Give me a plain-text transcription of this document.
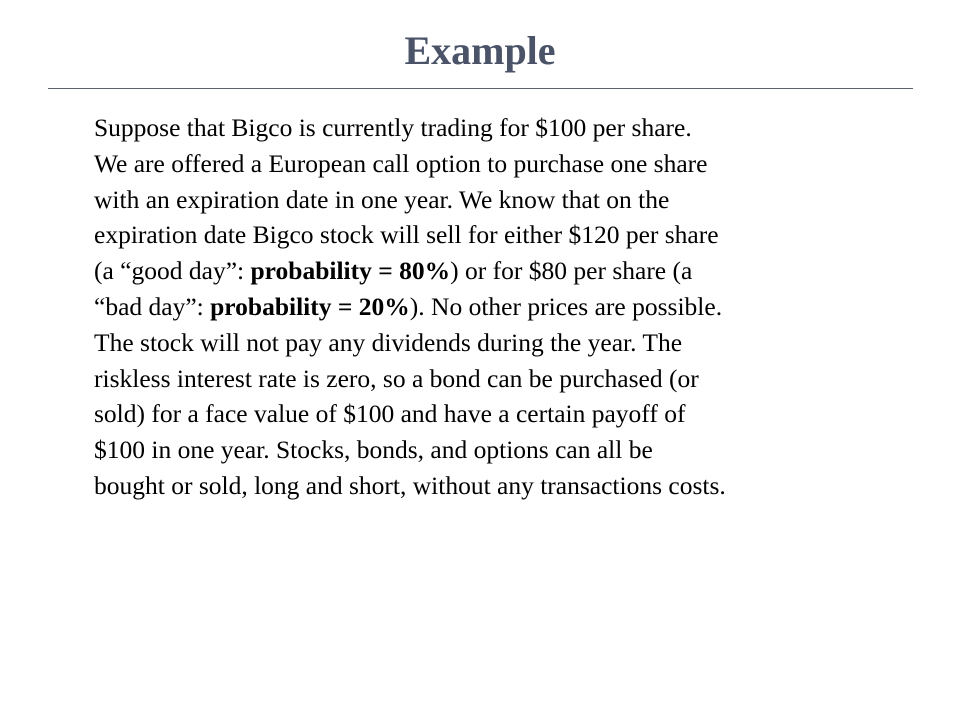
Example
Suppose that Bigco is currently trading for $100 per share.
We are offered a European call option to purchase one share
with an expiration date in one year. We know that on the
expiration date Bigco stock will sell for either $120 per share
(a “good day”: probability = 80%) or for $80 per share (a
“bad day”: probability = 20%). No other prices are possible.
The stock will not pay any dividends during the year. The
riskless interest rate is zero, so a bond can be purchased (or
sold) for a face value of $100 and have a certain payoff of
$100 in one year. Stocks, bonds, and options can all be
bought or sold, long and short, without any transactions costs.
